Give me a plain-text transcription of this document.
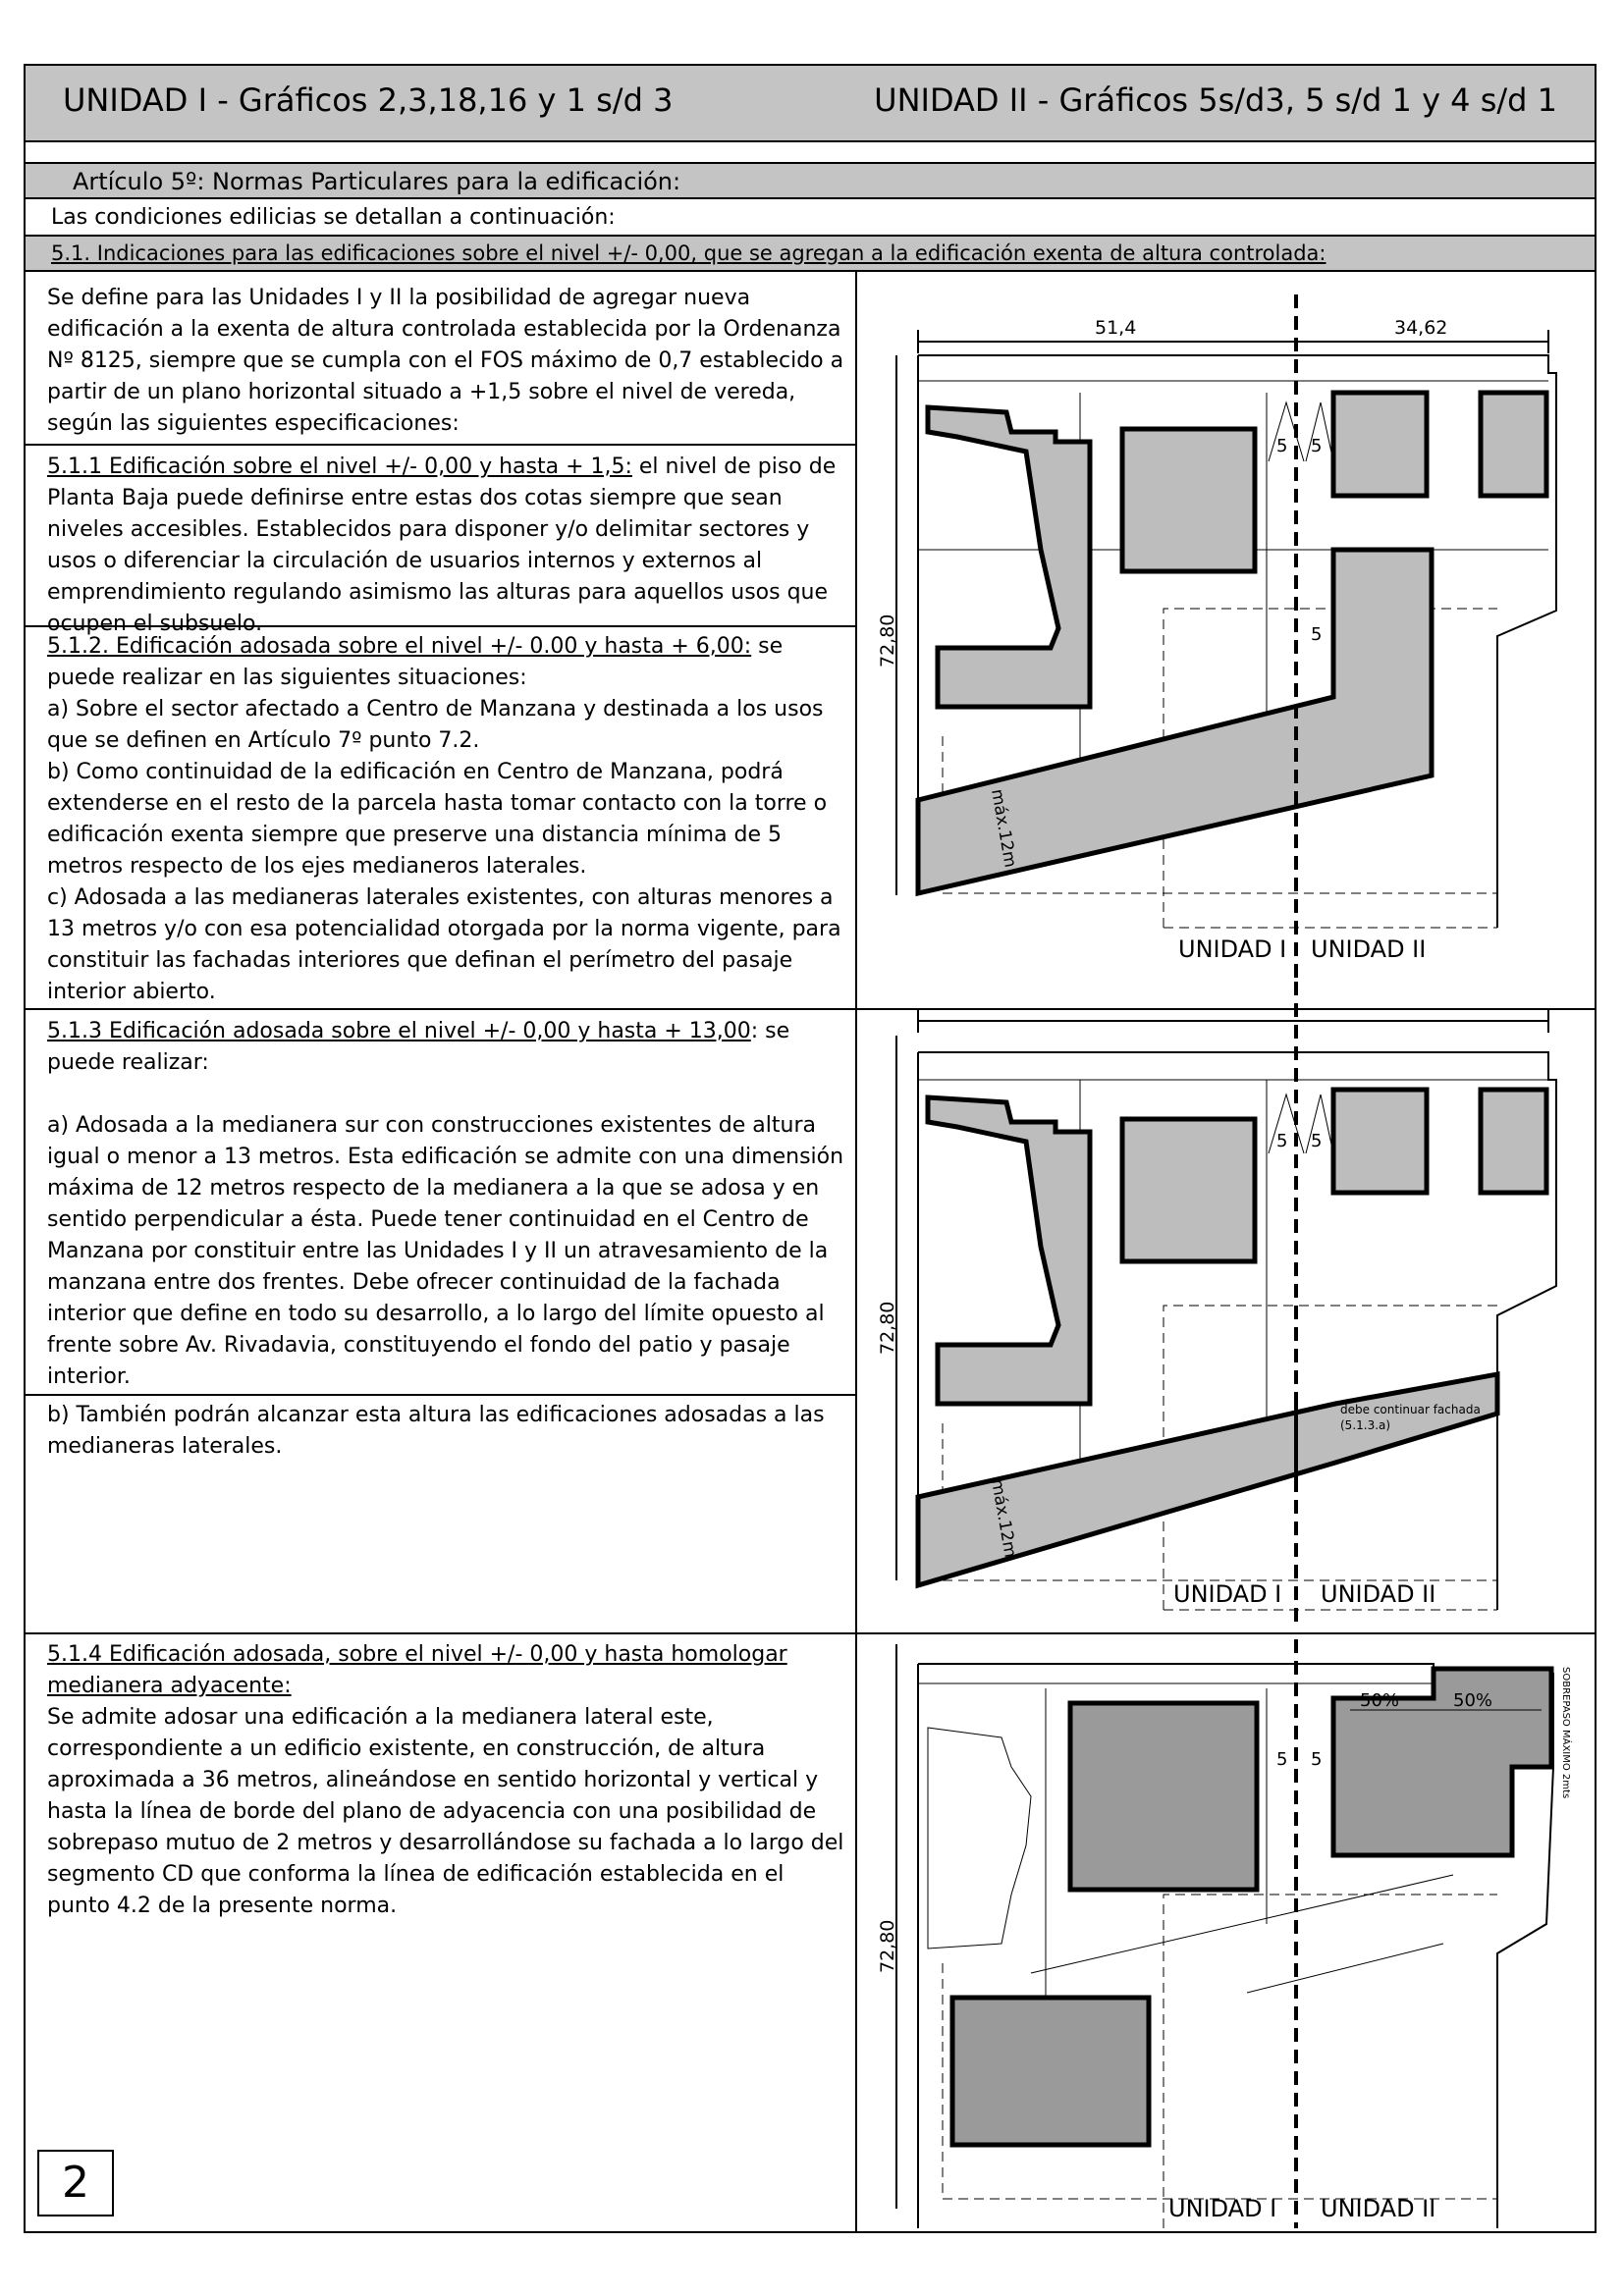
UNIDAD I - Gráficos 2,3,18,16 y 1 s/d 3	UNIDAD II - Gráficos 5s/d3, 5 s/d 1 y 4 s/d 1
Artículo 5º: Normas Particulares para la edificación:
Las condiciones edilicias se detallan a continuación:
5.1. Indicaciones para las edificaciones sobre el nivel +/- 0,00, que se agregan a la edificación exenta de altura controlada:
Se define para las Unidades I y II la posibilidad de agregar nueva edificación a la exenta de altura controlada establecida por la Ordenanza Nº 8125, siempre que se cumpla con el FOS máximo de 0,7 establecido a partir de un plano horizontal situado a +1,5 sobre el nivel de vereda, según las siguientes especificaciones:
5.1.1 Edificación sobre el nivel +/- 0,00 y hasta + 1,5: el nivel de piso de Planta Baja puede definirse entre estas dos cotas siempre que sean niveles accesibles. Establecidos para disponer y/o delimitar sectores y usos o diferenciar la circulación de usuarios internos y externos al emprendimiento regulando asimismo las alturas para aquellos usos que ocupen el subsuelo.
5.1.2. Edificación adosada sobre el nivel +/- 0.00 y hasta + 6,00: se puede realizar en las siguientes situaciones:
a) Sobre el sector afectado a Centro de Manzana y destinada a los usos que se definen en Artículo 7º punto 7.2.
b) Como continuidad de la edificación en Centro de Manzana, podrá extenderse en el resto de la parcela hasta tomar contacto con la torre o edificación exenta siempre que preserve una distancia mínima de 5 metros respecto de los ejes medianeros laterales.
c) Adosada a las medianeras laterales existentes, con alturas menores a 13 metros y/o con esa potencialidad otorgada por la norma vigente, para constituir las fachadas interiores que definan el perímetro del pasaje interior abierto.
5.1.3 Edificación adosada sobre el nivel +/- 0,00 y hasta + 13,00: se puede realizar:

a) Adosada a la medianera sur con construcciones existentes de altura igual o menor a 13 metros. Esta edificación se admite con una dimensión máxima de 12 metros respecto de la medianera a la que se adosa y en sentido perpendicular a ésta. Puede tener continuidad en el Centro de Manzana por constituir entre las Unidades I y II un atravesamiento de la manzana entre dos frentes. Debe ofrecer continuidad de la fachada interior que define en todo su desarrollo, a lo largo del límite opuesto al frente sobre Av. Rivadavia, constituyendo el fondo del patio y pasaje interior.
b) También podrán alcanzar esta altura las edificaciones adosadas a las medianeras laterales.
5.1.4 Edificación adosada, sobre el nivel +/- 0,00 y hasta homologar medianera adyacente:
Se admite adosar una edificación a la medianera lateral este, correspondiente a un edificio existente, en construcción, de altura aproximada a 36 metros, alineándose en sentido horizontal y vertical y hasta la línea de borde del plano de adyacencia con una posibilidad de sobrepaso mutuo de 2 metros y desarrollándose su fachada a lo largo del segmento CD que conforma la línea de edificación establecida en el punto 4.2 de la presente norma.
2
51,4	34,62
72,80
5 5
5
máx.12m
UNIDAD I UNIDAD II
72,80
5 5
máx.12m
debe continuar fachada
(5.1.3.a)
UNIDAD I UNIDAD II
72,80
5 5
50%	50%	SOBREPASO MÁXIMO 2mts
UNIDAD I UNIDAD II
